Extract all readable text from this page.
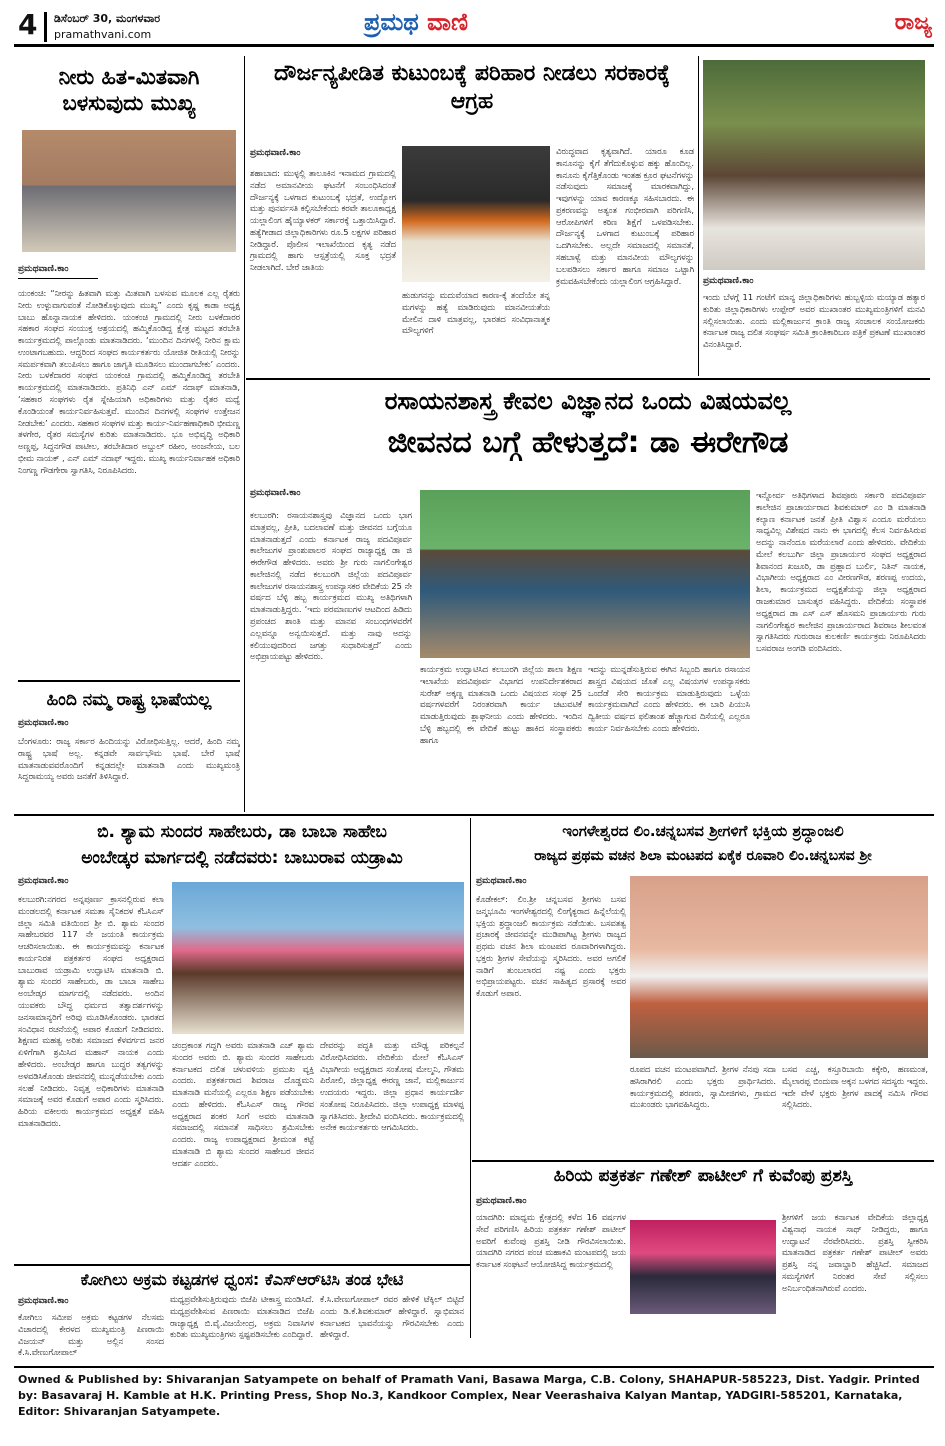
4 ಡಿಸೆಂಬರ್ 30, ಮಂಗಳವಾರ
pramathvani.com	ಪ್ರಮಥ ವಾಣಿ	ರಾಜ್ಯ
ನೀರು ಹಿತ-ಮಿತವಾಗಿ ಬಳಸುವುದು ಮುಖ್ಯ
ಪ್ರಮಥವಾಣಿ.ಕಾಂ
ಯಂಕಂಚಿ: “ನೀರನ್ನು ಹಿತವಾಗಿ ಮತ್ತು ಮಿತವಾಗಿ ಬಳಸುವ ಮೂಲಕ ಎಲ್ಲ ರೈತರು ನೀರು ಉಳ್ಳುವಾಗುವಂತೆ ನೋಡಿಕೊಳ್ಳುವುದು ಮುಖ್ಯ” ಎಂದು ಕೃಷ್ಣ ಕಾಡಾ ಅಧ್ಯಕ್ಷ ಬಾಬು ಹೊನ್ನಾನಾಯಕ ಹೇಳಿದರು. ಯಂಕಂಚಿ ಗ್ರಾಮದಲ್ಲಿ ನೀರು ಬಳಕೆದಾರರ ಸಹಕಾರ ಸಂಘದ ಸಂಯುಕ್ತ ಆಶ್ರಯದಲ್ಲಿ ಹಮ್ಮಿಕೊಂಡಿದ್ದ ಕ್ಷೇತ್ರ ಮಟ್ಟದ ತರಬೇತಿ ಕಾರ್ಯಕ್ರಮದಲ್ಲಿ ಪಾಲ್ಗೊಂಡು ಮಾತನಾಡಿದರು. ‘ಮುಂದಿನ ದಿನಗಳಲ್ಲಿ ನೀರಿನ ಕ್ಷಾಮ ಉಂಟಾಗಬಹುದು. ಆದ್ದರಿಂದ ಸಂಘದ ಕಾರ್ಯಕರ್ತರು ಯೋಜಿತ ರೀತಿಯಲ್ಲಿ ನೀರನ್ನು ಸಮರ್ಪಕವಾಗಿ ತಲುಪಿಸಲು ಹಾಗೂ ಜಾಗೃತಿ ಮೂಡಿಸಲು ಮುಂದಾಗಬೇಕು’ ಎಂದರು. ನೀರು ಬಳಕೆದಾರರ ಸಂಘದ ಯಂಕಂಚಿ ಗ್ರಾಮದಲ್ಲಿ ಹಮ್ಮಿಕೊಂಡಿದ್ದ ತರಬೇತಿ ಕಾರ್ಯಕ್ರಮದಲ್ಲಿ ಮಾತನಾಡಿದರು. ಪ್ರತಿನಿಧಿ ಎನ್ ಎಮ್ ನದಾಫ್ ಮಾತನಾಡಿ, ‘ಸಹಕಾರ ಸಂಘಗಳು ರೈತ ಸ್ನೇಹಿಯಾಗಿ ಅಧಿಕಾರಿಗಳು ಮತ್ತು ರೈತರ ಮಧ್ಯೆ ಕೊಂಡಿಯಂತೆ ಕಾರ್ಯನಿರ್ವಹಿಸುತ್ತವೆ. ಮುಂದಿನ ದಿನಗಳಲ್ಲಿ ಸಂಘಗಳ ಉತ್ತೇಜನ ನೀಡಬೇಕು’ ಎಂದರು. ಸಹಕಾರ ಸಂಘಗಳ ಮತ್ತು ಕಾರ್ಯ-ನಿರ್ವಹಣಾಧಿಕಾರಿ ಭೀಮಣ್ಣ ತಳಗೇರ, ರೈತರ ಸಮಸ್ಯೆಗಳ ಕುರಿತು ಮಾತನಾಡಿದರು. ಭೂ ಅಭಿವೃದ್ಧಿ ಅಧಿಕಾರಿ ಅಣ್ಣಪ್ಪ, ಸಿದ್ದನಗೌಡ ಪಾಟೀಲ, ತರಬೇತಿದಾರ ಅಬ್ದುಲ್ ರಹೀಂ, ಅಂಜನೇಯ, ಬಲ ಭೀಮ ನಾಯಕ್ , ಎನ್ ಎಮ್ ನದಾಫ್ ಇದ್ದರು. ಮುಖ್ಯ ಕಾರ್ಯನಿರ್ವಾಹಕ ಅಧಿಕಾರಿ ನಿಂಗಣ್ಣ ಗೌಡಗೇರಾ ಸ್ವಾಗತಿಸಿ, ನಿರೂಪಿಸಿದರು.
ಹಿಂದಿ ನಮ್ಮ ರಾಷ್ಟ್ರ ಭಾಷೆಯಲ್ಲ
ಪ್ರಮಥವಾಣಿ.ಕಾಂ
ಬೆಂಗಳೂರು: ರಾಜ್ಯ ಸರ್ಕಾರ ಹಿಂದಿಯನ್ನು ವಿರೋಧಿಸುತ್ತಿಲ್ಲ. ಆದರೆ, ಹಿಂದಿ ನಮ್ಮ ರಾಷ್ಟ್ರ ಭಾಷೆ ಅಲ್ಲ. ಕನ್ನಡವೇ ಸಾರ್ವಭೌಮ ಭಾಷೆ. ಬೇರೆ ಭಾಷೆ ಮಾತನಾಡುವವರೊಂದಿಗೆ ಕನ್ನಡದಲ್ಲೇ ಮಾತನಾಡಿ ಎಂದು ಮುಖ್ಯಮಂತ್ರಿ ಸಿದ್ದರಾಮಯ್ಯ ಅವರು ಜನತೆಗೆ ತಿಳಿಸಿದ್ದಾರೆ.
ದೌರ್ಜನ್ಯಪೀಡಿತ ಕುಟುಂಬಕ್ಕೆ ಪರಿಹಾರ ನೀಡಲು ಸರಕಾರಕ್ಕೆ ಆಗ್ರಹ
ಪ್ರಮಥವಾಣಿ.ಕಾಂ
ಶಹಾಬಾದ: ಮುಳ್ಳಲ್ಲಿ ತಾಲೂಕಿನ ಇನಾಮದ ಗ್ರಾಮದಲ್ಲಿ ನಡೆದ ಅಮಾನವೀಯ ಘಟನೆಗೆ ಸಂಬಂಧಿಸಿದಂತೆ ದೌರ್ಜನ್ಯಕ್ಕೆ ಒಳಗಾದ ಕುಟುಂಬಕ್ಕೆ ಭದ್ರತೆ, ಉದ್ಯೋಗ ಮತ್ತು ಪುನರ್ವಸತಿ ಕಲ್ಪಿಸಬೇಕೆಂದು ಕರವೇ ತಾಲೂಕಾಧ್ಯಕ್ಷ ಯಲ್ಲಾಲಿಂಗ ಹೈಯ್ಯಾಳಕರ್ ಸರ್ಕಾರಕ್ಕೆ ಒತ್ತಾಯಿಸಿದ್ದಾರೆ. ಹತ್ಯೆಗೀಡಾದ ಜಿಲ್ಲಾಧಿಕಾರಿಗಳು ರೂ.5 ಲಕ್ಷಗಳ ಪರಿಹಾರ ನೀಡಿದ್ದಾರೆ. ಪೊಲೀಸ ಇಲಾಖೆಯಿಂದ ಕೃತ್ಯ ನಡೆದ ಗ್ರಾಮದಲ್ಲಿ ಹಾಗು ಆಸ್ಪತ್ರೆಯಲ್ಲಿ ಸೂಕ್ತ ಭದ್ರತೆ ನೀಡಲಾಗಿದೆ. ಬೇರೆ ಜಾತಿಯ
ಹುಡುಗನನ್ನು ಮದುವೆಯಾದ ಕಾರಣ-ಕ್ಕೆ ತಂದೆಯೇ ತನ್ನ ಮಗಳನ್ನು ಹತ್ಯೆ ಮಾಡಿರುವುದು ಮಾನವೀಯತೆಯ ಮೇಲಿನ ದಾಳಿ ಮಾತ್ರವಲ್ಲ, ಭಾರತದ ಸಂವಿಧಾನಾತ್ಮಕ ಮೌಲ್ಯಗಳಿಗೆ
ವಿರುದ್ಧವಾದ ಕೃತ್ಯವಾಗಿದೆ. ಯಾರೂ ಕೂಡ ಕಾನೂನನ್ನು ಕೈಗೆ ತೆಗೆದುಕೊಳ್ಳುವ ಹಕ್ಕು ಹೊಂದಿಲ್ಲ. ಕಾನೂನು ಕೈಗೆತ್ತಿಕೊಂಡು ಇಂತಹ ಕ್ರೂರ ಘಟನೆಗಳನ್ನು ನಡೆಸುವುದು ಸಮಾಜಕ್ಕೆ ಮಾರಕವಾಗಿದ್ದು, ಇವುಗಳನ್ನು ಯಾವ ಕಾರಣಕ್ಕೂ ಸಹಿಸಬಾರದು. ಈ ಪ್ರಕರಣವನ್ನು ಅತ್ಯಂತ ಗಂಭೀರವಾಗಿ ಪರಿಗಣಿಸಿ, ಆರೋಪಿಗಳಿಗೆ ಕಠಿಣ ಶಿಕ್ಷೆಗೆ ಒಳಪಡಿಸಬೇಕು. ದೌರ್ಜನ್ಯಕ್ಕೆ ಒಳಗಾದ ಕುಟುಂಬಕ್ಕೆ ಪರಿಹಾರ ಒದಗಿಸಬೇಕು. ಅಲ್ಲದೇ ಸಮಾಜದಲ್ಲಿ ಸಮಾನತೆ, ಸಹಬಾಳ್ವೆ ಮತ್ತು ಮಾನವೀಯ ಮೌಲ್ಯಗಳನ್ನು ಬಲಪಡಿಸಲು ಸರ್ಕಾರ ಹಾಗೂ ಸಮಾಜ ಒಟ್ಟಾಗಿ ಕ್ರಮವಹಿಸಬೇಕೆಂದು ಯಲ್ಲಾಲಿಂಗ ಆಗ್ರಹಿಸಿದ್ದಾರೆ.	ಪ್ರಮಥವಾಣಿ.ಕಾಂ
ಇಂದು ಬೆಳಗ್ಗೆ 11 ಗಂಟೆಗೆ ಮಾನ್ಯ ಜಿಲ್ಲಾಧಿಕಾರಿಗಳು ಹುಬ್ಬಳ್ಳಿಯ ಮಯ್ಯಾಡ ಹತ್ಯಾರ ಕುರಿತು ಜಿಲ್ಲಾಧಿಕಾರಿಗಳು ಉಪ್ಪೇರ್ ಅವರ ಮುಖಾಂತರ ಮುಖ್ಯಮಂತ್ರಿಗಳಿಗೆ ಮನವಿ ಸಲ್ಲಿಸಲಾಯಿತು. ಎಂದು ಮಲ್ಲಿಕಾರ್ಜುನ ಕ್ರಾಂತಿ ರಾಜ್ಯ ಸಂಚಾಲಕ ಸಂಯೋಜಕರು ಕರ್ನಾಟಕ ರಾಜ್ಯ ದಲಿತ ಸಂಘರ್ಷ ಸಮಿತಿ ಕ್ರಾಂತಿಕಾರಿಬಣ ಪತ್ರಿಕೆ ಪ್ರಕಟಣೆ ಮುಖಾಂತರ ವಿನಂತಿಸಿದ್ದಾರೆ.
ರಸಾಯನಶಾಸ್ತ್ರ ಕೇವಲ ವಿಜ್ಞಾನದ ಒಂದು ವಿಷಯವಲ್ಲ
ಜೀವನದ ಬಗ್ಗೆ ಹೇಳುತ್ತದೆ: ಡಾ ಈರೇಗೌಡ
ಪ್ರಮಥವಾಣಿ.ಕಾಂ
ಕಲಬುರಗಿ: ರಸಾಯನಶಾಸ್ತ್ರವು ವಿಜ್ಞಾನದ ಒಂದು ಭಾಗ ಮಾತ್ರವಲ್ಲ, ಪ್ರೀತಿ, ಬದಲಾವಣೆ ಮತ್ತು ಜೀವನದ ಬಗ್ಗೆಯೂ ಮಾತನಾಡುತ್ತದೆ ಎಂದು ಕರ್ನಾಟಕ ರಾಜ್ಯ ಪದವಿಪೂರ್ವ ಕಾಲೇಜುಗಳ ಪ್ರಾಂಶುಪಾಲರ ಸಂಘದ ರಾಜ್ಯಾಧ್ಯಕ್ಷ ಡಾ ಜಿ ಈರೇಗೌಡ ಹೇಳಿದರು. ಅವರು ಶ್ರೀ ಗುರು ನಾಗಲಿಂಗೇಶ್ವರ ಕಾಲೇಜಿನಲ್ಲಿ ನಡೆದ ಕಲಬುರಗಿ ಜಿಲ್ಲೆಯ ಪದವಿಪೂರ್ವ ಕಾಲೇಜುಗಳ ರಸಾಯನಶಾಸ್ತ್ರ ಉಪನ್ಯಾಸಕರ ವೇದಿಕೆಯ 25 ನೇ ವರ್ಷದ ಬೆಳ್ಳಿ ಹಬ್ಬ ಕಾರ್ಯಕ್ರಮದ ಮುಖ್ಯ ಅತಿಥಿಗಳಾಗಿ ಮಾತನಾಡುತ್ತಿದ್ದರು. ‘ಇದು ಪರಮಾಣುಗಳ ಆಟದಿಂದ ಹಿಡಿದು ಪ್ರಪಂಚದ ಶಾಂತಿ ಮತ್ತು ಮಾನವ ಸಂಬಂಧಗಳವರೆಗೆ ಎಲ್ಲವನ್ನೂ ಅನ್ವಯಿಸುತ್ತದೆ. ಮತ್ತು ನಾವು ಅದನ್ನು ಕಲಿಯುವುದರಿಂದ ಜಗತ್ತು ಸುಧಾರಿಸುತ್ತದೆ’ ಎಂದು ಅಭಿಪ್ರಾಯಪಟ್ಟು ಹೇಳಿದರು.
ಕಾರ್ಯಕ್ರಮ ಉದ್ಘಾಟಿಸಿದ ಕಲಬುರಗಿ ಜಿಲ್ಲೆಯ ಶಾಲಾ ಶಿಕ್ಷಣ ಇಲಾಖೆಯ ಪದವಿಪೂರ್ವ ವಿಭಾಗದ ಉಪನಿರ್ದೇಶಕರಾದ ಸುರೇಶ್ ಅಕ್ಕಣ್ಣ ಮಾತನಾಡಿ ಒಂದು ವಿಷಯದ ಸಂಘ 25 ವರ್ಷಗಳವರೆಗೆ ನಿರಂತರವಾಗಿ ಕಾರ್ಯ ಚಟುವಟಿಕೆ ಮಾಡುತ್ತಿರುವುದು ಶ್ಲಾಘನೀಯ ಎಂದು ಹೇಳಿದರು. ಇಂದಿನ ಬೆಳ್ಳಿ ಹಬ್ಬದಲ್ಲಿ ಈ ವೇದಿಕೆ ಹುಟ್ಟು ಹಾಕಿದ ಸಂಸ್ಥಾಪಕರು ಹಾಗೂ
ಇದನ್ನು ಮುನ್ನಡೆಸುತ್ತಿರುವ ಈಗಿನ ಸಿಬ್ಬಂದಿ ಹಾಗೂ ರಸಾಯನ ಶಾಸ್ತ್ರದ ವಿಷಯದ ಜೊತೆ ಎಲ್ಲ ವಿಷಯಗಳ ಉಪನ್ಯಾಸಕರು ಒಂದೆಡೆ ಸೇರಿ ಕಾರ್ಯಕ್ರಮ ಮಾಡುತ್ತಿರುವುದು ಒಳ್ಳೆಯ ಕಾರ್ಯಕ್ರಮವಾಗಿದೆ ಎಂದು ಹೇಳಿದರು. ಈ ಬಾರಿ ಪಿಯುಸಿ ದ್ವಿತೀಯ ವರ್ಷದ ಫಲಿತಾಂಶ ಹೆಚ್ಚಾಗುವ ದಿಸೆಯಲ್ಲಿ ಎಲ್ಲರೂ ಕಾರ್ಯ ನಿರ್ವಹಿಸಬೇಕು ಎಂದು ಹೇಳಿದರು.
ಇನ್ನೋರ್ವ ಅತಿಥಿಗಳಾದ ಶಿವಪೂರು ಸರ್ಕಾರಿ ಪದವಿಪೂರ್ವ ಕಾಲೇಜಿನ ಪ್ರಾಚಾರ್ಯರಾದ ಶಿವಕುಮಾರ್ ಎಂ ಡಿ ಮಾತನಾಡಿ ಕಲ್ಯಾಣ ಕರ್ನಾಟಕ ಜನತೆ ಪ್ರೀತಿ ವಿಶ್ವಾಸ ಎಂದೂ ಮರೆಯಲು ಸಾಧ್ಯವಿಲ್ಲ ವಿಶೇಷದ ನಾನು ಈ ಭಾಗದಲ್ಲಿ ಕೆಲಸ ನಿರ್ವಹಿಸಿರುವ ಅದನ್ನು ನಾನೆಂದೂ ಮರೆಯಲಾರೆ ಎಂದು ಹೇಳಿದರು. ವೇದಿಕೆಯ ಮೇಲೆ ಕಲಬುರ್ಗಿ ಜಿಲ್ಲಾ ಪ್ರಾಚಾರ್ಯರ ಸಂಘದ ಅಧ್ಯಕ್ಷರಾದ ಶಿವಾನಂದ ಖಜೂರಿ, ಡಾ ಪ್ರಹ್ಲಾದ ಬುರ್ಲಿ, ನಿತಿನ್ ನಾಯಕ, ವಿಭಾಗೀಯ ಅಧ್ಯಕ್ಷರಾದ ಎಂ ವೀರಣಗೌಡ, ಶರಣಪ್ಪ ಉದಯ, ಶಿಲಾ, ಕಾರ್ಯಕ್ರಮದ ಅಧ್ಯಕ್ಷತೆಯನ್ನು ಜಿಲ್ಲಾ ಅಧ್ಯಕ್ಷರಾದ ರಾಜಕುಮಾರ ಬಾಸುತ್ಕರ ವಹಿಸಿದ್ದರು. ವೇದಿಕೆಯ ಸಂಸ್ಥಾಪಕ ಅಧ್ಯಕ್ಷರಾದ ಡಾ ಎಸ್ ಎಸ್ ಹೊಸಮನಿ ಪ್ರಾಚಾರ್ಯರು ಗುರು ನಾಗಲಿಂಗೇಶ್ವರ ಕಾಲೇಜಿನ ಪ್ರಾಚಾರ್ಯರಾದ ಶಿವರಾಜ ಶೀಲವಂತ ಸ್ವಾಗತಿಸಿದರು ಗುರುರಾಜ ಕುಲಕರ್ಣಿ ಕಾರ್ಯಕ್ರಮ ನಿರೂಪಿಸಿದರು ಬಸವರಾಜ ಅಂಗಡಿ ವಂದಿಸಿದರು.
ಬಿ. ಶ್ಯಾಮ ಸುಂದರ ಸಾಹೇಬರು, ಡಾ ಬಾಬಾ ಸಾಹೇಬ
ಅಂಬೇಡ್ಕರ ಮಾರ್ಗದಲ್ಲಿ ನಡೆದವರು: ಬಾಬುರಾವ ಯಡ್ರಾಮಿ
ಪ್ರಮಥವಾಣಿ.ಕಾಂ
ಕಲಬುರಗಿ:ನಗರದ ಅನ್ನಪೂರ್ಣ ಕ್ರಾಸನಲ್ಲಿರುವ ಕಲಾ ಮಂಡಲದಲ್ಲಿ ಕರ್ನಾಟಕ ಸಮತಾ ಸೈನಿಕದಳ ಕೆಓಸಿಎಸ್ ಜಿಲ್ಲಾ ಸಮಿತಿ ವತಿಯಿಂದ ಶ್ರೀ ಬಿ. ಶ್ಯಾಮ ಸುಂದರ ಸಾಹೇಬರವರ 117 ನೇ ಜಯಂತಿ ಕಾರ್ಯಕ್ರಮ ಆಚರಿಸಲಾಯಿತು. ಈ ಕಾರ್ಯಕ್ರಮವನ್ನು ಕರ್ನಾಟಕ ಕಾರ್ಯನಿರತ ಪತ್ರಕರ್ತರ ಸಂಘದ ಅಧ್ಯಕ್ಷರಾದ ಬಾಬುರಾವ ಯಡ್ರಾಮಿ ಉದ್ಘಾಟಿಸಿ ಮಾತನಾಡಿ ಬಿ. ಶ್ಯಾಮ ಸುಂದರ ಸಾಹೇಬರು, ಡಾ ಬಾಬಾ ಸಾಹೇಬ ಅಂಬೇಡ್ಕರ ಮಾರ್ಗದಲ್ಲಿ ನಡೆದವರು. ಅಂದಿನ ಯುವಕರು ಬೌದ್ಧ ಧರ್ಮದ ತತ್ವಾದರ್ಶಗಳನ್ನು ಜನಸಾಮಾನ್ಯರಿಗೆ ಅರಿವು ಮೂಡಿಸಿಕೊಂಡರು. ಭಾರತದ ಸಂವಿಧಾನ ರಚನೆಯಲ್ಲಿ ಅಪಾರ ಕೊಡುಗೆ ನೀಡಿದವರು. ಶಿಕ್ಷಣದ ಮಹತ್ವ ಅರಿತು ಸಮಾಜದ ಕೆಳವರ್ಗದ ಜನರ ಏಳಿಗೆಗಾಗಿ ಶ್ರಮಿಸಿದ ಮಹಾನ್ ನಾಯಕ ಎಂದು ಹೇಳಿದರು. ಅಂಬೇಡ್ಕರ ಹಾಗೂ ಬುದ್ಧರ ತತ್ವಗಳನ್ನು ಅಳವಡಿಸಿಕೊಂಡು ಜೀವನದಲ್ಲಿ ಮುನ್ನಡೆಯಬೇಕು ಎಂದು ಸಲಹೆ ನೀಡಿದರು. ನಿವೃತ್ತ ಅಧಿಕಾರಿಗಳು ಮಾತನಾಡಿ ಸಮಾಜಕ್ಕೆ ಅವರ ಕೊಡುಗೆ ಅಪಾರ ಎಂದು ಸ್ಮರಿಸಿದರು. ಹಿರಿಯ ವಕೀಲರು ಕಾರ್ಯಕ್ರಮದ ಅಧ್ಯಕ್ಷತೆ ವಹಿಸಿ ಮಾತನಾಡಿದರು.
ಚಂದ್ರಕಾಂತ ಗದ್ದಗಿ ಅವರು ಮಾತನಾಡಿ ಎಚ್ ಶ್ಯಾಮ ಸುಂದರ ಅವರು ಬಿ. ಶ್ಯಾಮ ಸುಂದರ ಸಾಹೇಬರು ಕರ್ನಾಟಕದ ದಲಿತ ಚಳುವಳಿಯ ಪ್ರಮುಖ ವ್ಯಕ್ತಿ ಎಂದರು. ಪತ್ರಕರ್ತರಾದ ಶಿವರಾಜ ದೊಡ್ಡಮನಿ ಮಾತನಾಡಿ ಮನೆಯಲ್ಲಿ ಎಲ್ಲರೂ ಶಿಕ್ಷಣ ಪಡೆಯಬೇಕು ಎಂದು ಹೇಳಿದರು. ಕೆಓಸಿಎಸ್ ರಾಜ್ಯ ಗೌರವ ಅಧ್ಯಕ್ಷರಾದ ಶಂಕರ ಸಿಂಗೆ ಅವರು ಮಾತನಾಡಿ ಸಮಾಜದಲ್ಲಿ ಸಮಾನತೆ ಸಾಧಿಸಲು ಶ್ರಮಿಸಬೇಕು ಎಂದರು. ರಾಜ್ಯ ಉಪಾಧ್ಯಕ್ಷರಾದ ಶ್ರೀಮಂತ ಕಟ್ಟೆ ಮಾತನಾಡಿ ಬಿ ಶ್ಯಾಮ ಸುಂದರ ಸಾಹೇಬರ ಜೀವನ ಆದರ್ಶ ಎಂದರು.
ದೇವರನ್ನು ಪದ್ಧತಿ ಮತ್ತು ಮೌಢ್ಯ ಪರಿಕಲ್ಪನೆ ವಿರೋಧಿಸಿದವರು. ವೇದಿಕೆಯ ಮೇಲೆ ಕೆಓಸಿಎಸ್ ವಿಭಾಗೀಯ ಅಧ್ಯಕ್ಷರಾದ ಸಂತೋಷ ಮೇಲ್ಮನಿ, ಗೌತಮ ಪಿರೋಲಿ, ಜಿಲ್ಲಾಧ್ಯಕ್ಷ ಈರಣ್ಣ ಜಾನೆ, ಮಲ್ಲಿಕಾರ್ಜುನ ಉದಯರು ಇದ್ದರು. ಜಿಲ್ಲಾ ಪ್ರಧಾನ ಕಾರ್ಯದರ್ಶಿ ಸಂತೋಷ ನಿರೂಪಿಸಿದರು. ಜಿಲ್ಲಾ ಉಪಾಧ್ಯಕ್ಷ ಮಾಳಪ್ಪ ಸ್ವಾಗತಿಸಿದರು. ಶ್ರೀದೇವಿ ವಂದಿಸಿದರು. ಕಾರ್ಯಕ್ರಮದಲ್ಲಿ ಅನೇಕ ಕಾರ್ಯಕರ್ತರು ಆಗಮಿಸಿದರು.
ಕೋಗಿಲು ಅಕ್ರಮ ಕಟ್ಟಡಗಳ ಧ್ವಂಸ: ಕೆಎಸ್‌ಆರ್‌ಟಿಸಿ ತಂಡ ಭೇಟಿ
ಪ್ರಮಥವಾಣಿ.ಕಾಂ
ಕೋಗಿಲು ಸಮೀಪ ಅಕ್ರಮ ಕಟ್ಟಡಗಳ ನೆಲಸಮ ವಿಚಾರದಲ್ಲಿ ಕೇರಳದ ಮುಖ್ಯಮಂತ್ರಿ ಪಿಣರಾಯಿ ವಿಜಯನ್ ಮತ್ತು ಅಲ್ಲಿನ ಸಂಸದ ಕೆ.ಸಿ.ವೇಣುಗೋಪಾಲ್
ಮಧ್ಯಪ್ರವೇಶಿಸುತ್ತಿರುವುದು ಬಿಜೆಪಿ ಟೀಕಾಸ್ತ್ರ ಮಂಡಿಸಿದೆ. ಮಧ್ಯಪ್ರವೇಶಿಸುವ ಪಿಣರಾಯಿ ಮಾತನಾಡಿದ ಬಿಜೆಪಿ ರಾಜ್ಯಾಧ್ಯಕ್ಷ ಬಿ.ವೈ.ವಿಜಯೇಂದ್ರ, ಅಕ್ರಮ ನಿವಾಸಿಗಳ ಕುರಿತು ಮುಖ್ಯಮಂತ್ರಿಗಳು ಸ್ಪಷ್ಟಪಡಿಸಬೇಕು ಎಂದಿದ್ದಾರೆ.
ಕೆ.ಸಿ.ವೇಣುಗೋಪಾಲ್ ರವರ ಹೇಳಿಕೆ ಟೆಕ್ಕಿಲ್ ಬಿಟ್ಟಿದೆ ಎಂದು ಡಿ.ಕೆ.ಶಿವಕುಮಾರ್ ಹೇಳಿದ್ದಾರೆ. ಸ್ವಾಭಿಮಾನ ಕರ್ನಾಟಕದ ಭಾವನೆಯನ್ನು ಗೌರವಿಸಬೇಕು ಎಂದು ಹೇಳಿದ್ದಾರೆ.
ಇಂಗಳೇಶ್ವರದ ಲಿಂ.ಚನ್ನಬಸವ ಶ್ರೀಗಳಿಗೆ ಭಕ್ತಿಯ ಶ್ರದ್ಧಾಂಜಲಿ
ರಾಜ್ಯದ ಪ್ರಥಮ ವಚನ ಶಿಲಾ ಮಂಟಪದ ಏಕೈಕ ರೂವಾರಿ ಲಿಂ.ಚನ್ನಬಸವ ಶ್ರೀ
ಪ್ರಮಥವಾಣಿ.ಕಾಂ
ಕೊಡೇಕಲ್: ಲಿಂ.ಶ್ರೀ ಚನ್ನಬಸವ ಶ್ರೀಗಳು ಬಸವ ಜನ್ಮಭೂಮಿ ಇಂಗಳೇಶ್ವರದಲ್ಲಿ ಲಿಂಗೈಕ್ಯರಾದ ಹಿನ್ನೆಲೆಯಲ್ಲಿ ಭಕ್ತಿಯ ಶ್ರದ್ಧಾಂಜಲಿ ಕಾರ್ಯಕ್ರಮ ನಡೆಯಿತು. ಬಸವತತ್ವ ಪ್ರಚಾರಕ್ಕೆ ಜೀವನವನ್ನೇ ಮುಡಿಪಾಗಿಟ್ಟ ಶ್ರೀಗಳು ರಾಜ್ಯದ ಪ್ರಥಮ ವಚನ ಶಿಲಾ ಮಂಟಪದ ರೂವಾರಿಗಳಾಗಿದ್ದರು. ಭಕ್ತರು ಶ್ರೀಗಳ ಸೇವೆಯನ್ನು ಸ್ಮರಿಸಿದರು. ಅವರ ಅಗಲಿಕೆ ನಾಡಿಗೆ ತುಂಬಲಾರದ ನಷ್ಟ ಎಂದು ಭಕ್ತರು ಅಭಿಪ್ರಾಯಪಟ್ಟರು. ವಚನ ಸಾಹಿತ್ಯದ ಪ್ರಸಾರಕ್ಕೆ ಅವರ ಕೊಡುಗೆ ಅಪಾರ.
ರೂಪದ ವಚನ ಮಂಟಪವಾಗಿದೆ. ಶ್ರೀಗಳ ನೆನಪು ಸದಾ ಹಸಿರಾಗಿರಲಿ ಎಂದು ಭಕ್ತರು ಪ್ರಾರ್ಥಿಸಿದರು. ಕಾರ್ಯಕ್ರಮದಲ್ಲಿ ಶರಣರು, ಸ್ವಾಮೀಜಿಗಳು, ಗ್ರಾಮದ ಮುಖಂಡರು ಭಾಗವಹಿಸಿದ್ದರು.
ಬಸವ ಎಚ್ಚ, ಕಸ್ತೂರಿಬಾಯಿ ಕಕ್ಕೇರಿ, ಹಣಮಂತ, ಮೈಲಾರಪ್ಪ ಬಿಂದುವಾ ಅಕ್ಕನ ಬಳಗದ ಸದಸ್ಯರು ಇದ್ದರು. ಇದೇ ವೇಳೆ ಭಕ್ತರು ಶ್ರೀಗಳ ಪಾದಕ್ಕೆ ನಮಿಸಿ ಗೌರವ ಸಲ್ಲಿಸಿದರು.
ಹಿರಿಯ ಪತ್ರಕರ್ತ ಗಣೇಶ್ ಪಾಟೀಲ್ ಗೆ ಕುವೆಂಪು ಪ್ರಶಸ್ತಿ
ಪ್ರಮಥವಾಣಿ.ಕಾಂ
ಯಾದಗಿರಿ: ಮಾಧ್ಯಮ ಕ್ಷೇತ್ರದಲ್ಲಿ ಕಳೆದ 16 ವರ್ಷಗಳ ಸೇವೆ ಪರಿಗಣಿಸಿ ಹಿರಿಯ ಪತ್ರಕರ್ತ ಗಣೇಶ್ ಪಾಟೀಲ್ ಅವರಿಗೆ ಕುವೆಂಪು ಪ್ರಶಸ್ತಿ ನೀಡಿ ಗೌರವಿಸಲಾಯಿತು. ಯಾದಗಿರಿ ನಗರದ ಪಂಚ ಮಹಾಕವಿ ಮಂಟಪದಲ್ಲಿ ಜಯ ಕರ್ನಾಟಕ ಸಂಘಟನೆ ಆಯೋಜಿಸಿದ್ದ ಕಾರ್ಯಕ್ರಮದಲ್ಲಿ
ಶ್ರೀಗಳಿಗೆ ಜಯ ಕರ್ನಾಟಕ ವೇದಿಕೆಯ ಜಿಲ್ಲಾಧ್ಯಕ್ಷ ವಿಶ್ವನಾಥ ನಾಯಕ ಸಾಥ್ ನೀಡಿದ್ದರು, ಹಾಗೂ ಉದ್ಘಾಟನೆ ನೆರವೇರಿಸಿದರು. ಪ್ರಶಸ್ತಿ ಸ್ವೀಕರಿಸಿ ಮಾತನಾಡಿದ ಪತ್ರಕರ್ತ ಗಣೇಶ್ ಪಾಟೀಲ್ ಅವರು ಪ್ರಶಸ್ತಿ ನನ್ನ ಜವಾಬ್ದಾರಿ ಹೆಚ್ಚಿಸಿದೆ. ಸಮಾಜದ ಸಮಸ್ಯೆಗಳಿಗೆ ನಿರಂತರ ಸೇವೆ ಸಲ್ಲಿಸಲು ಅನಿರ್ಬಂಧಿತನಾಗಿರುವೆ ಎಂದರು.
Owned & Published by: Shivaranjan Satyampete on behalf of Pramath Vani, Basawa Marga, C.B. Colony, SHAHAPUR-585223, Dist. Yadgir. Printed by: Basavaraj H. Kamble at H.K. Printing Press, Shop No.3, Kandkoor Complex, Near Veerashaiva Kalyan Mantap, YADGIRI-585201, Karnataka, Editor: Shivaranjan Satyampete.
